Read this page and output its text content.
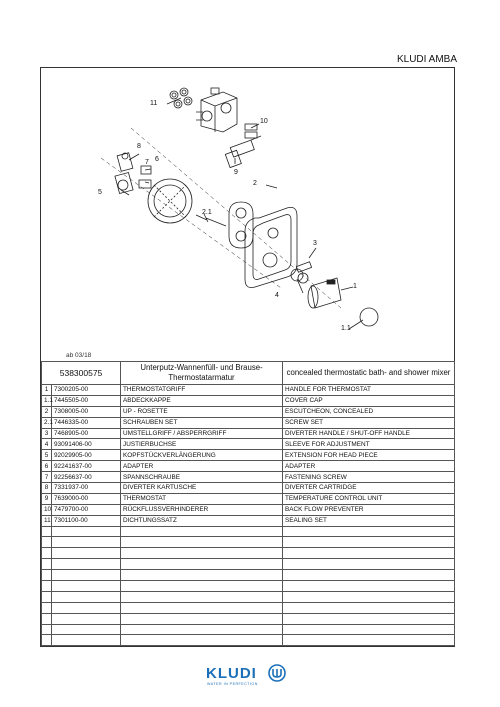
KLUDI AMBA
11
10
8
7 6
9
2
5
2.1
3
4
1
1.1
ab 03/18
538300575		Unterputz-Wannenfüll- und Brause-Thermostatarmatur	concealed thermostatic bath- and shower mixer
1	7300205-00	THERMOSTATGRIFF	HANDLE FOR THERMOSTAT
1.1	7445505-00	ABDECKKAPPE	COVER CAP
2	7308005-00	UP - ROSETTE	ESCUTCHEON, CONCEALED
2.1	7446335-00	SCHRAUBEN SET	SCREW SET
3	7468905-00	UMSTELLGRIFF / ABSPERRGRIFF	DIVERTER HANDLE / SHUT-OFF HANDLE
4	93091406-00	JUSTIERBUCHSE	SLEEVE FOR ADJUSTMENT
5	92029905-00	KOPFSTÜCKVERLÄNGERUNG	EXTENSION FOR HEAD PIECE
6	92241637-00	ADAPTER	ADAPTER
7	92256637-00	SPANNSCHRAUBE	FASTENING SCREW
8	7331937-00	DIVERTER KARTUSCHE	DIVERTER CARTRIDGE
9	7639000-00	THERMOSTAT	TEMPERATURE CONTROL UNIT
10	7479700-00	RÜCKFLUSSVERHINDERER	BACK FLOW PREVENTER
11	7301100-00	DICHTUNGSSATZ	SEALING SET

KLUDI
WATER IN PERFECTION
